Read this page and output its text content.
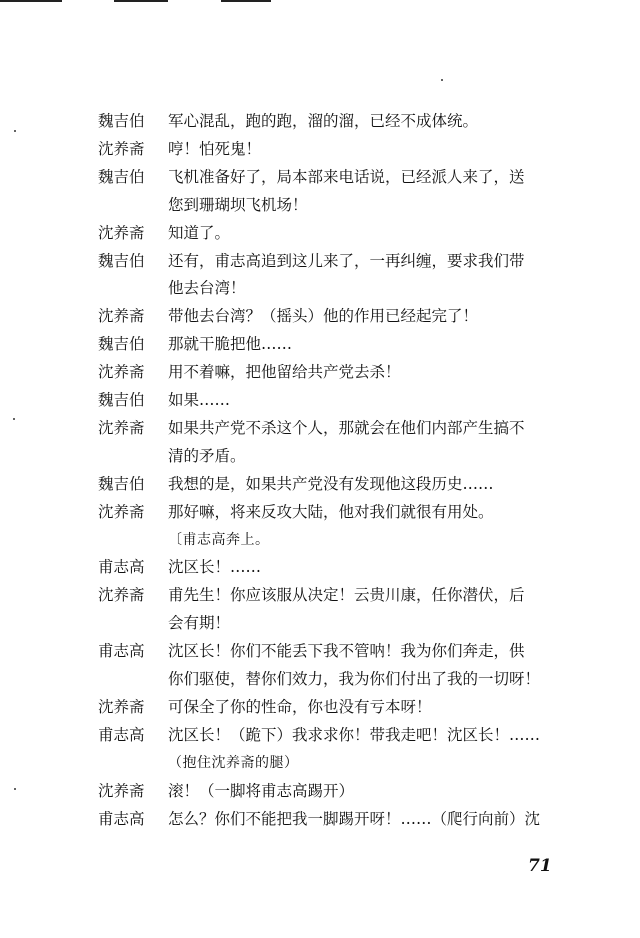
魏吉伯	军心混乱，跑的跑，溜的溜，已经不成体统。
沈养斋	哼！怕死鬼！
魏吉伯	飞机准备好了，局本部来电话说，已经派人来了，送
您到珊瑚坝飞机场！
沈养斋	知道了。
魏吉伯	还有，甫志高追到这儿来了，一再纠缠，要求我们带
他去台湾！
沈养斋	带他去台湾？（摇头）他的作用已经起完了！
魏吉伯	那就干脆把他……
沈养斋	用不着嘛，把他留给共产党去杀！
魏吉伯	如果……
沈养斋	如果共产党不杀这个人，那就会在他们内部产生搞不
清的矛盾。
魏吉伯	我想的是，如果共产党没有发现他这段历史……
沈养斋	那好嘛，将来反攻大陆，他对我们就很有用处。
〔甫志高奔上。
甫志高	沈区长！……
沈养斋	甫先生！你应该服从决定！云贵川康，任你潜伏，后
会有期！
甫志高	沈区长！你们不能丢下我不管呐！我为你们奔走，供
你们驱使，替你们效力，我为你们付出了我的一切呀！
沈养斋	可保全了你的性命，你也没有亏本呀！
甫志高	沈区长！（跪下）我求求你！带我走吧！沈区长！……
（抱住沈养斋的腿）
沈养斋	滚！（一脚将甫志高踢开）
甫志高	怎么？你们不能把我一脚踢开呀！……（爬行向前）沈
71
